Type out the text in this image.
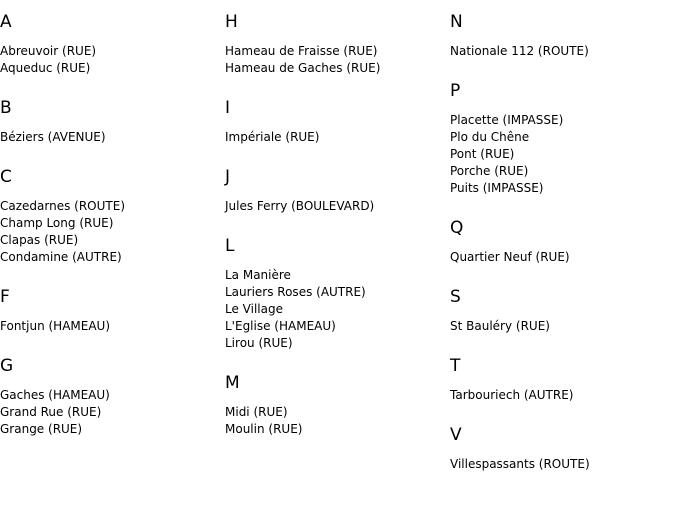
A
Abreuvoir (RUE)
Aqueduc (RUE)
B
Béziers (AVENUE)
C
Cazedarnes (ROUTE)
Champ Long (RUE)
Clapas (RUE)
Condamine (AUTRE)
F
Fontjun (HAMEAU)
G
Gaches (HAMEAU)
Grand Rue (RUE)
Grange (RUE)
H
Hameau de Fraisse (RUE)
Hameau de Gaches (RUE)
I
Impériale (RUE)
J
Jules Ferry (BOULEVARD)
L
La Manière
Lauriers Roses (AUTRE)
Le Village
L'Eglise (HAMEAU)
Lirou (RUE)
M
Midi (RUE)
Moulin (RUE)
N
Nationale 112 (ROUTE)
P
Placette (IMPASSE)
Plo du Chêne
Pont (RUE)
Porche (RUE)
Puits (IMPASSE)
Q
Quartier Neuf (RUE)
S
St Bauléry (RUE)
T
Tarbouriech (AUTRE)
V
Villespassants (ROUTE)
